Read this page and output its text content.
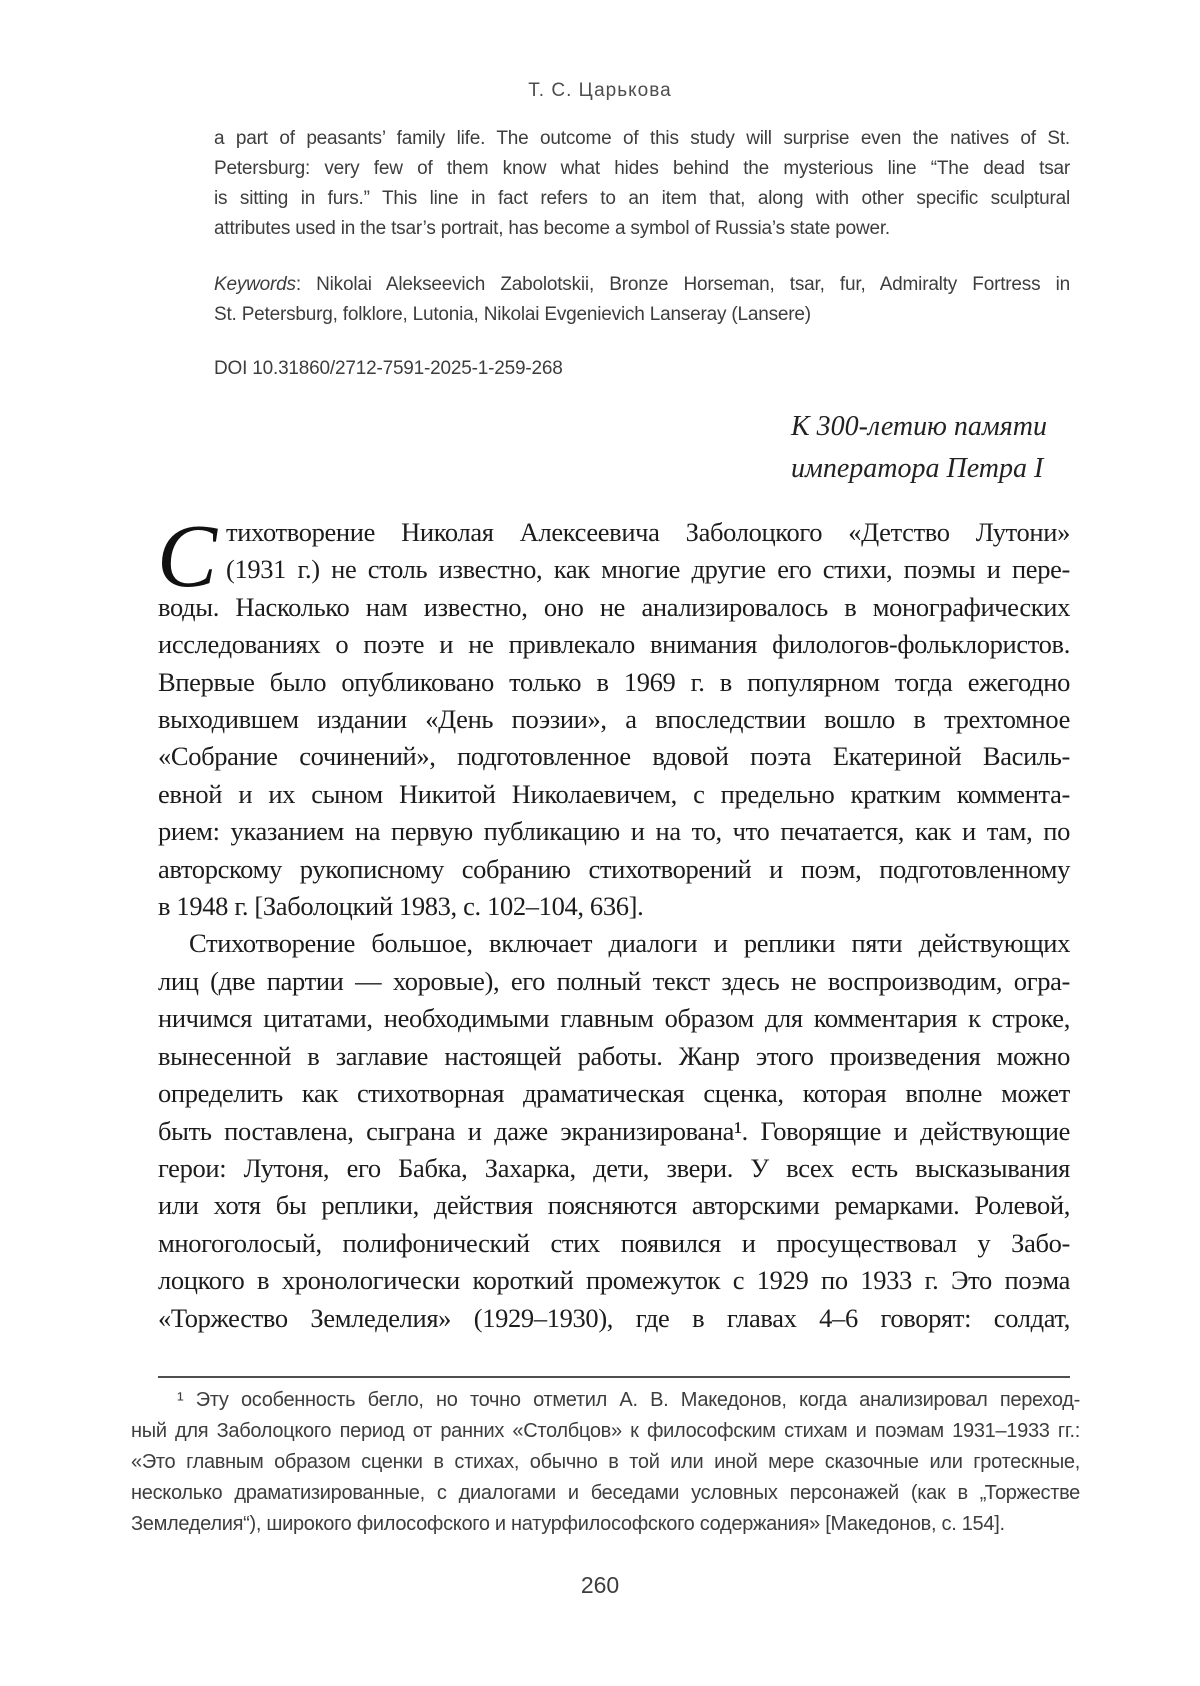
Т. С. Царькова
a part of peasants’ family life. The outcome of this study will surprise even the natives of St.
Petersburg: very few of them know what hides behind the mysterious line “The dead tsar
is sitting in furs.” This line in fact refers to an item that, along with other specific sculptural
attributes used in the tsar’s portrait, has become a symbol of Russia’s state power.
Keywords: Nikolai Alekseevich Zabolotskii, Bronze Horseman, tsar, fur, Admiralty Fortress in
St. Petersburg, folklore, Lutonia, Nikolai Evgenievich Lanseray (Lansere)
DOI 10.31860/2712-7591-2025-1-259-268
К 300-летию памяти
императора Петра I
С тихотворение Николая Алексеевича Заболоцкого «Детство Лутони»
(1931 г.) не столь известно, как многие другие его стихи, поэмы и пере-
воды. Насколько нам известно, оно не анализировалось в монографических
исследованиях о поэте и не привлекало внимания филологов-фольклористов.
Впервые было опубликовано только в 1969 г. в популярном тогда ежегодно
выходившем издании «День поэзии», а впоследствии вошло в трехтомное
«Собрание сочинений», подготовленное вдовой поэта Екатериной Василь-
евной и их сыном Никитой Николаевичем, с предельно кратким коммента-
рием: указанием на первую публикацию и на то, что печатается, как и там, по
авторскому рукописному собранию стихотворений и поэм, подготовленному
в 1948 г. [Заболоцкий 1983, с. 102–104, 636].
Стихотворение большое, включает диалоги и реплики пяти действующих
лиц (две партии — хоровые), его полный текст здесь не воспроизводим, огра-
ничимся цитатами, необходимыми главным образом для комментария к строке,
вынесенной в заглавие настоящей работы. Жанр этого произведения можно
определить как стихотворная драматическая сценка, которая вполне может
быть поставлена, сыграна и даже экранизирована¹. Говорящие и действующие
герои: Лутоня, его Бабка, Захарка, дети, звери. У всех есть высказывания
или хотя бы реплики, действия поясняются авторскими ремарками. Ролевой,
многоголосый, полифонический стих появился и просуществовал у Забо-
лоцкого в хронологически короткий промежуток с 1929 по 1933 г. Это поэма
«Торжество Земледелия» (1929–1930), где в главах 4–6 говорят: солдат,
¹ Эту особенность бегло, но точно отметил А. В. Македонов, когда анализировал переход-
ный для Заболоцкого период от ранних «Столбцов» к философским стихам и поэмам 1931–1933 гг.:
«Это главным образом сценки в стихах, обычно в той или иной мере сказочные или гротескные,
несколько драматизированные, с диалогами и беседами условных персонажей (как в „Торжестве
Земледелия“), широкого философского и натурфилософского содержания» [Македонов, с. 154].
260
